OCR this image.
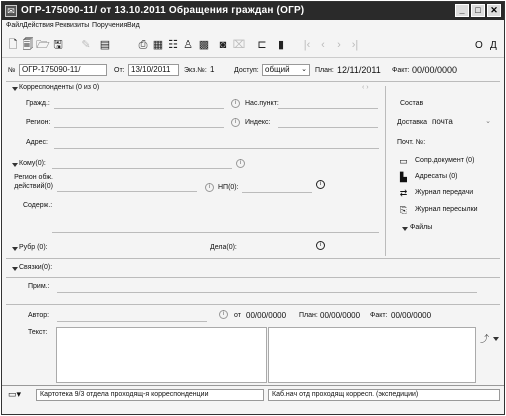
✉ ОГР-175090-11/ от 13.10.2011 Обращения граждан (ОГР)	_	□	✕
Файл Действия Реквизиты Поручения Вид
🗋 🗐 🗁 🖫 ✎ ▤	⎙ ▦ ☷ ♙ ▩ ◙ ⌧ ⊏	▮	|‹ ‹	› ›|	О Д
№ ОГР-175090-11/	От: 13/10/2011	Экз.№: 1	Доступ: общий ⌄ План: 12/11/2011 Факт: 00/00/0000
Корреспонденты (0 из 0)	‹ ›
Гражд.:	i	Нас.пункт:
Регион:	i	Индекс:
Адрес:
Состав
Доставка почта	⌄
Почт. №:
▭ Сопр.документ (0)
▙ Адресаты (0)
⇄ Журнал передачи
⎘ Журнал пересылки
Файлы
Кому(0):	i
Регион обж. действий(0)	i	НП(0):	i
Содерж.:
Рубр (0):	Дела(0):	i
Связки(0):
Прим.:
Автор:	i	от 00/00/0000 План: 00/00/0000 Факт: 00/00/0000
Текст:
⤴
▭▾	Картотека 9/3 отдела проходящ-я корреспонденции	Каб.нач отд проходящ корресп. (экспедиции)
